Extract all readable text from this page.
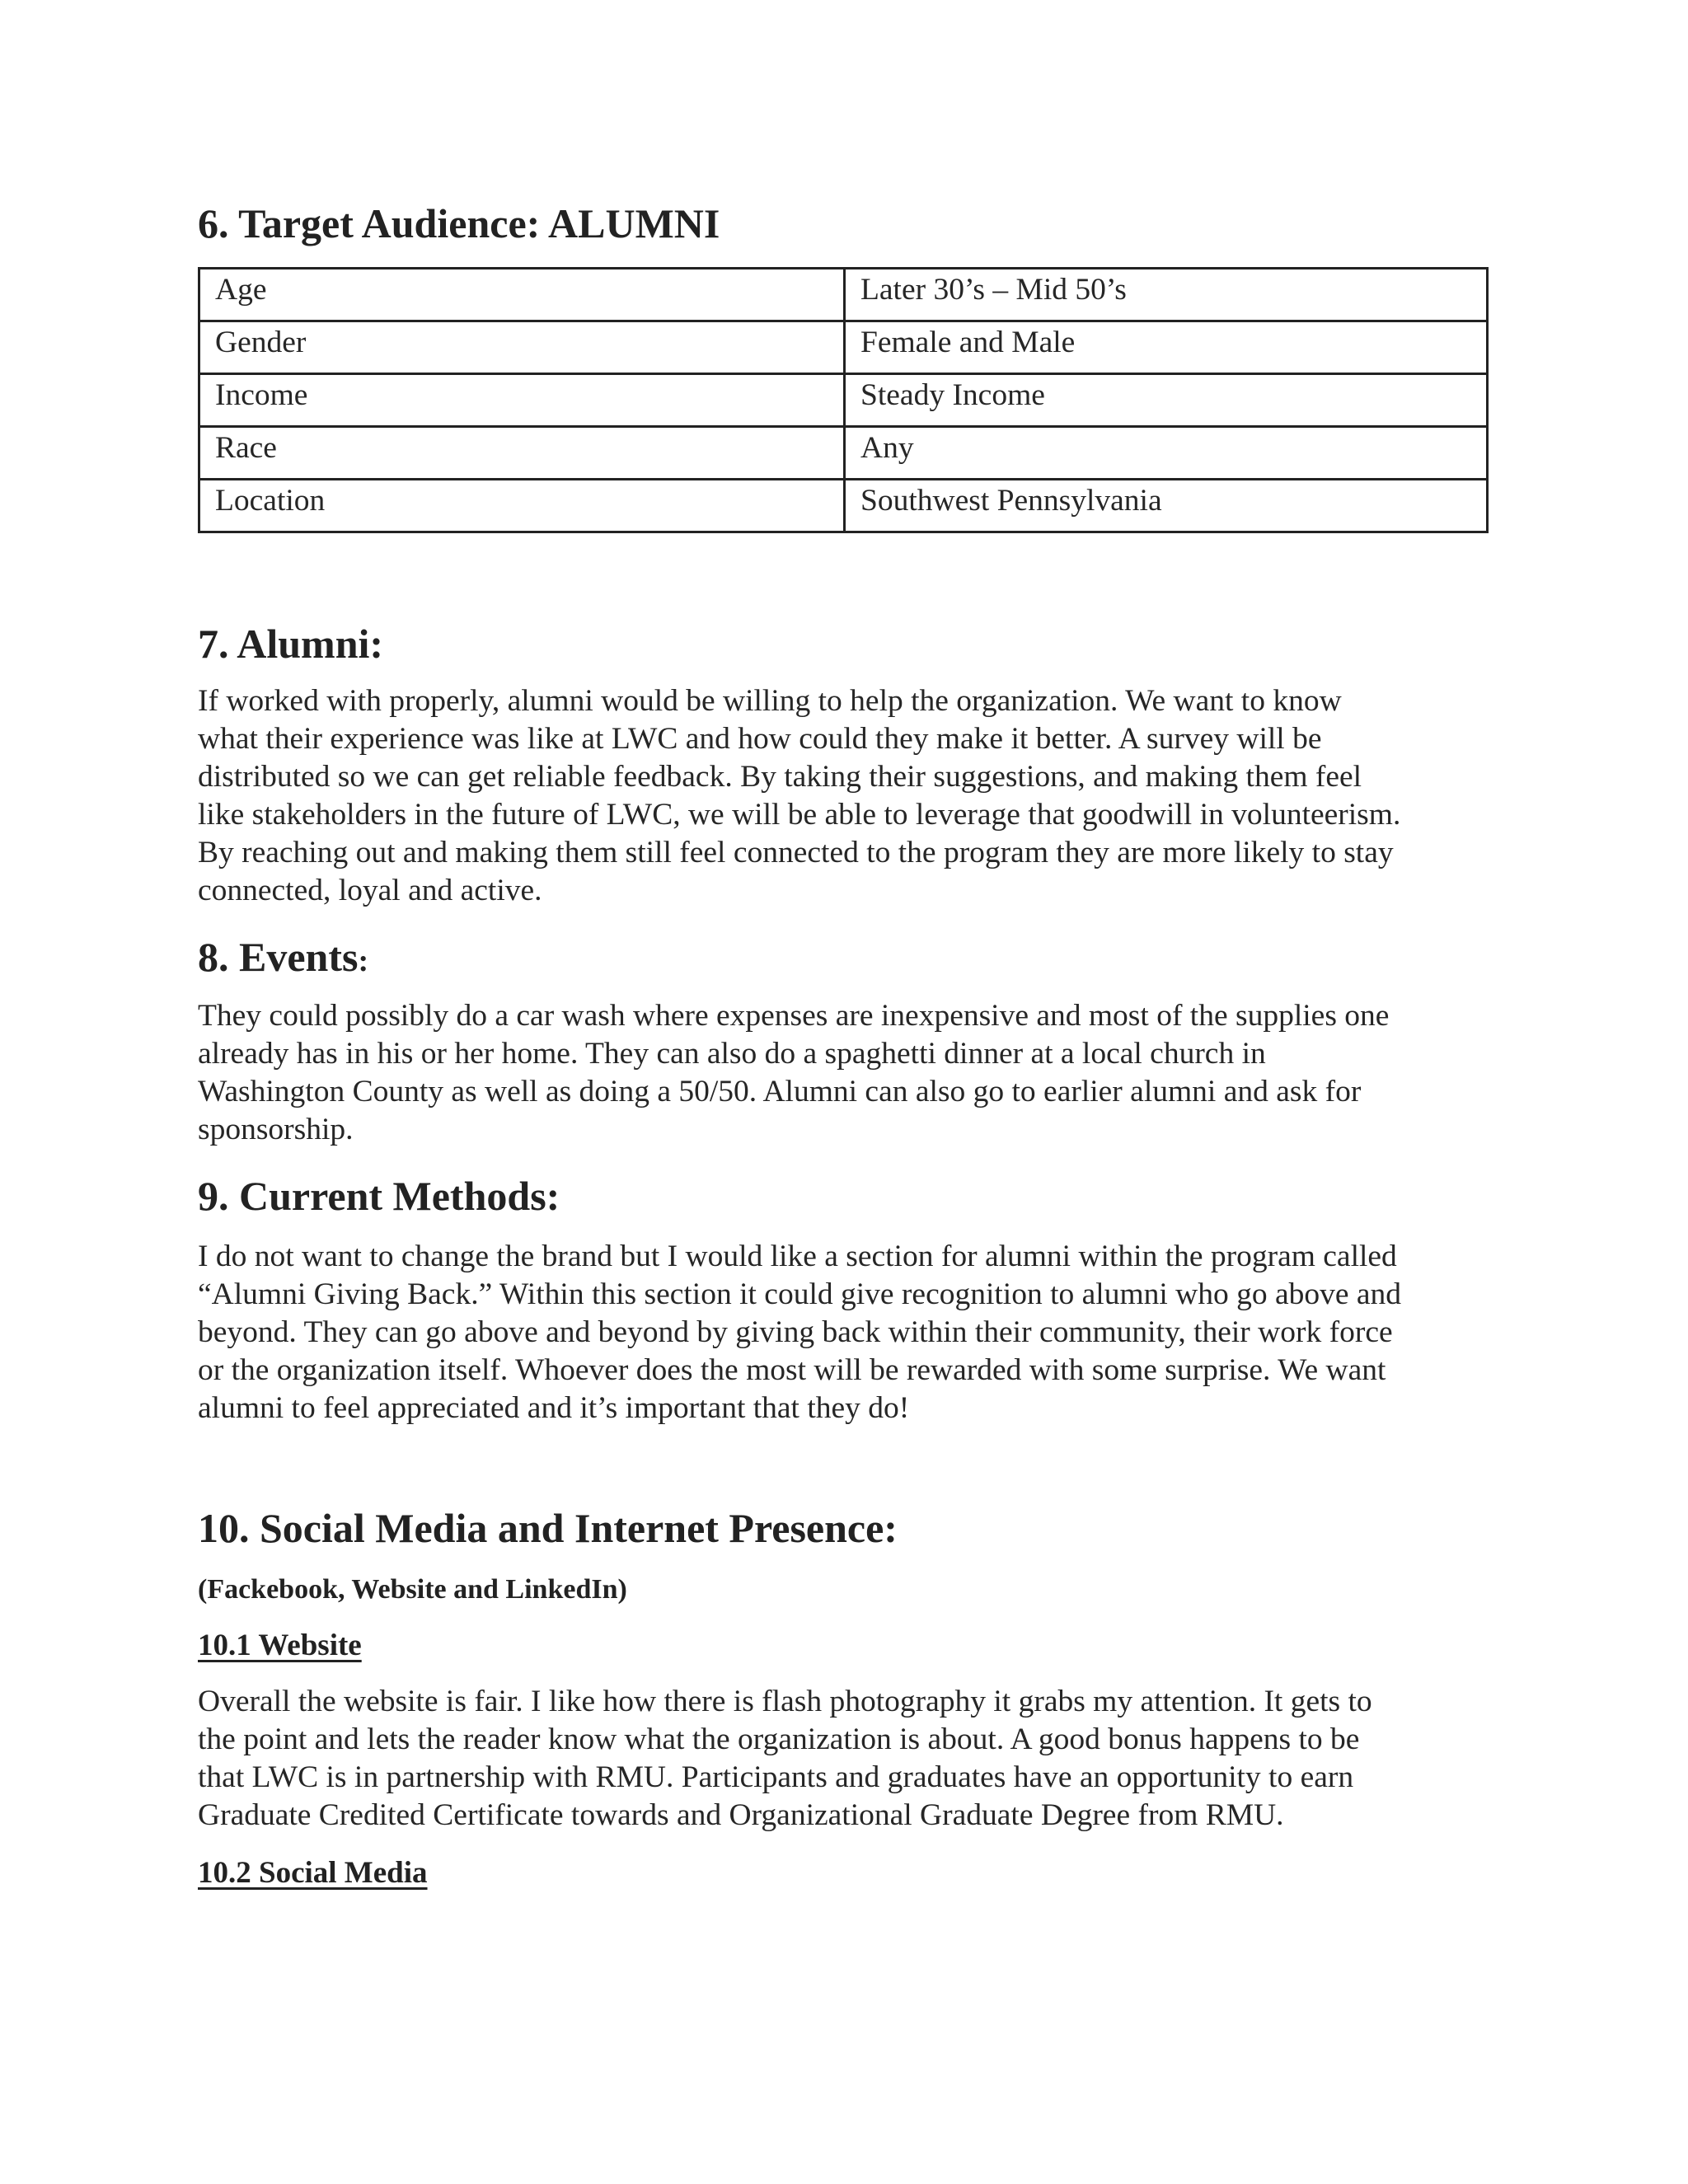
6. Target Audience: ALUMNI
Age	Later 30’s – Mid 50’s
Gender	Female and Male
Income	Steady Income
Race	Any
Location	Southwest Pennsylvania
7. Alumni:

If worked with properly, alumni would be willing to help the organization. We want to know

what their experience was like at LWC and how could they make it better. A survey will be

distributed so we can get reliable feedback. By taking their suggestions, and making them feel

like stakeholders in the future of LWC, we will be able to leverage that goodwill in volunteerism.

By reaching out and making them still feel connected to the program they are more likely to stay

connected, loyal and active.

8. Events:

They could possibly do a car wash where expenses are inexpensive and most of the supplies one

already has in his or her home. They can also do a spaghetti dinner at a local church in

Washington County as well as doing a 50/50. Alumni can also go to earlier alumni and ask for

sponsorship.

9. Current Methods:

I do not want to change the brand but I would like a section for alumni within the program called

“Alumni Giving Back.” Within this section it could give recognition to alumni who go above and

beyond. They can go above and beyond by giving back within their community, their work force

or the organization itself. Whoever does the most will be rewarded with some surprise. We want

alumni to feel appreciated and it’s important that they do!

10. Social Media and Internet Presence:
(Fackebook, Website and LinkedIn)
10.1 Website

Overall the website is fair. I like how there is flash photography it grabs my attention. It gets to

the point and lets the reader know what the organization is about. A good bonus happens to be

that LWC is in partnership with RMU. Participants and graduates have an opportunity to earn

Graduate Credited Certificate towards and Organizational Graduate Degree from RMU.

10.2 Social Media
